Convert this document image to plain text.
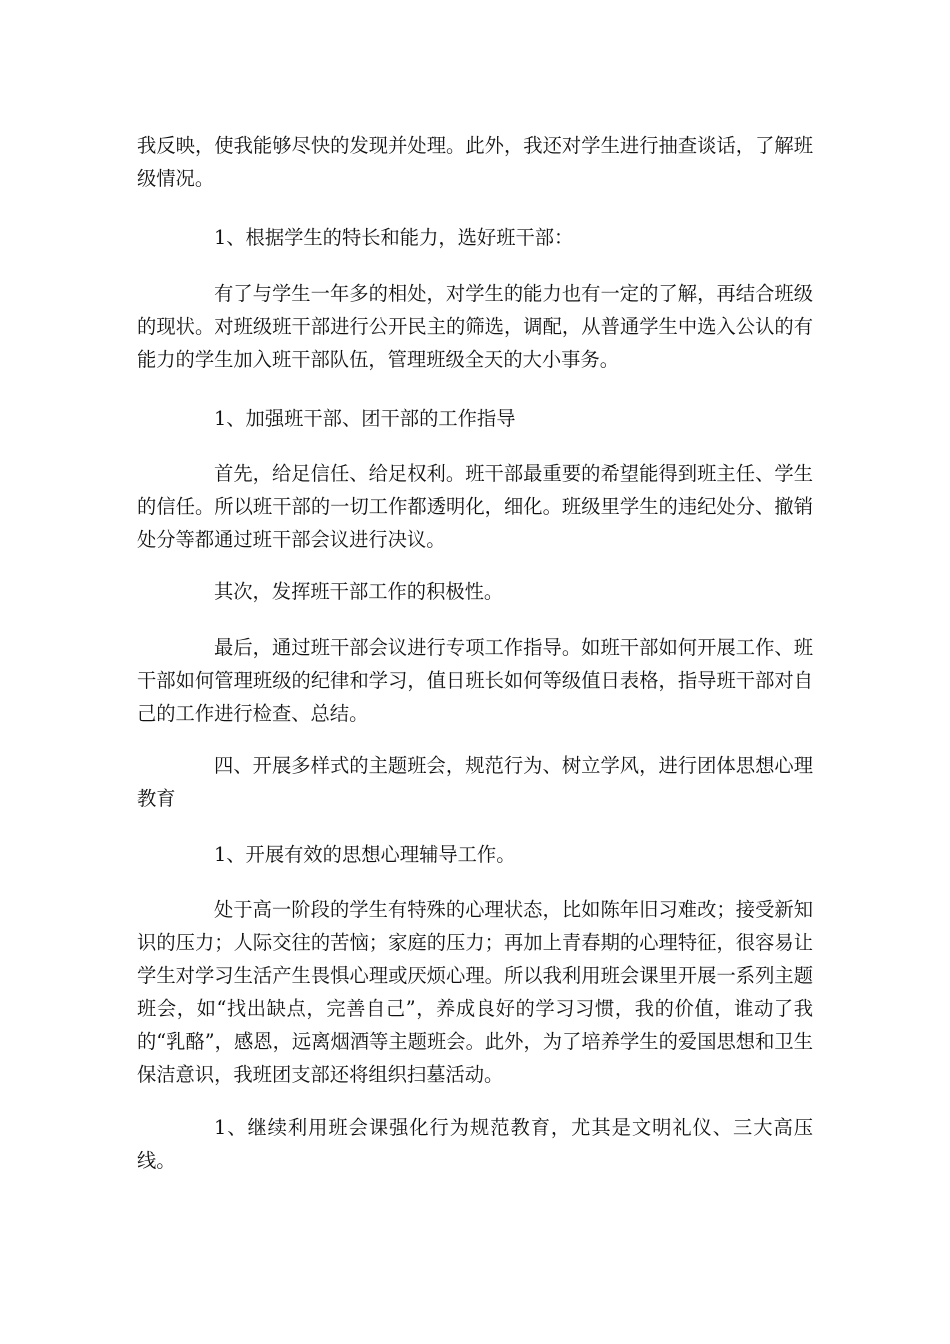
我反映，使我能够尽快的发现并处理。此外，我还对学生进行抽查谈话，了解班级情况。

1、根据学生的特长和能力，选好班干部：

有了与学生一年多的相处，对学生的能力也有一定的了解，再结合班级的现状。对班级班干部进行公开民主的筛选，调配，从普通学生中选入公认的有能力的学生加入班干部队伍，管理班级全天的大小事务。

1、加强班干部、团干部的工作指导

首先，给足信任、给足权利。班干部最重要的希望能得到班主任、学生的信任。所以班干部的一切工作都透明化，细化。班级里学生的违纪处分、撤销处分等都通过班干部会议进行决议。

其次，发挥班干部工作的积极性。

最后，通过班干部会议进行专项工作指导。如班干部如何开展工作、班干部如何管理班级的纪律和学习，值日班长如何等级值日表格，指导班干部对自己的工作进行检查、总结。

四、开展多样式的主题班会，规范行为、树立学风，进行团体思想心理教育

1、开展有效的思想心理辅导工作。

处于高一阶段的学生有特殊的心理状态，比如陈年旧习难改；接受新知识的压力；人际交往的苦恼；家庭的压力；再加上青春期的心理特征，很容易让学生对学习生活产生畏惧心理或厌烦心理。所以我利用班会课里开展一系列主题班会，如“找出缺点，完善自己”，养成良好的学习习惯，我的价值，谁动了我的“乳酪”，感恩，远离烟酒等主题班会。此外，为了培养学生的爱国思想和卫生保洁意识，我班团支部还将组织扫墓活动。

1、继续利用班会课强化行为规范教育，尤其是文明礼仪、三大高压线。
